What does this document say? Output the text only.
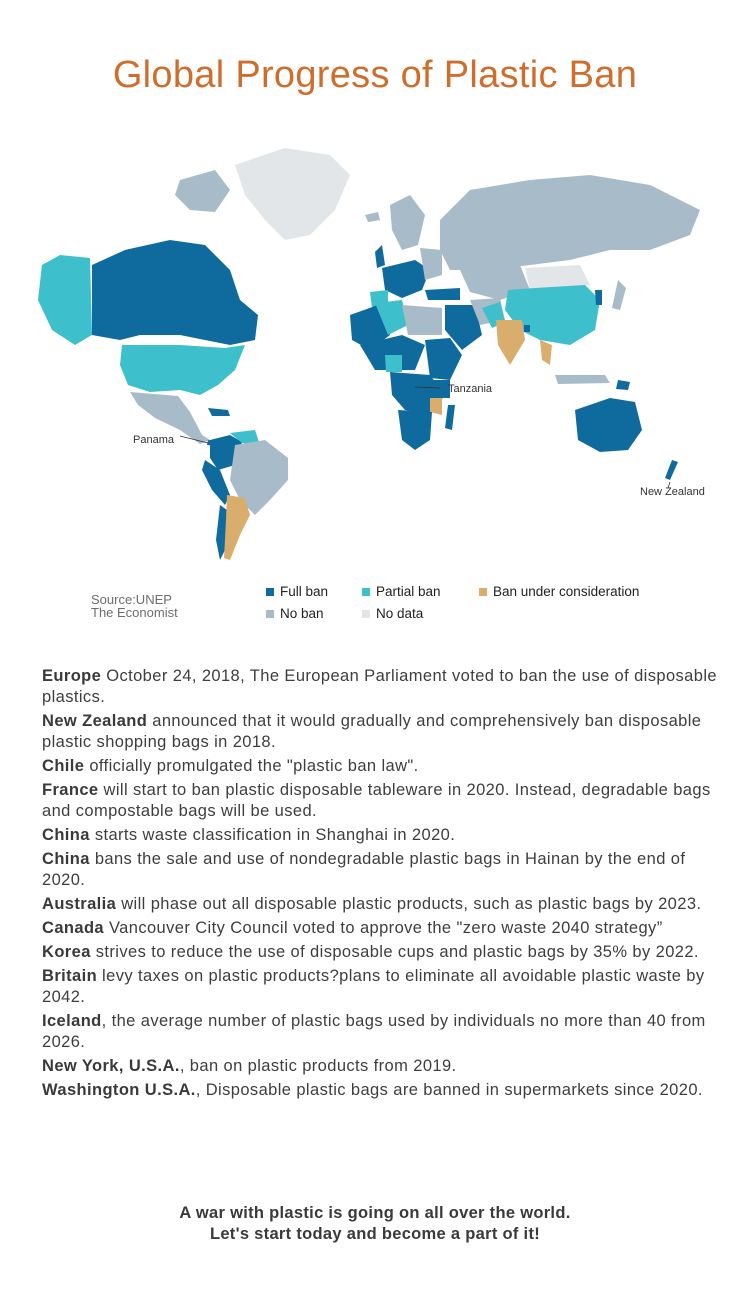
Global Progress of Plastic Ban
Tanzania
Panama
New Zealand
Source:UNEP
The Economist
Full ban	Partial ban	Ban under consideration
No ban	No data
Europe October 24, 2018, The European Parliament voted to ban the use of disposable plastics.
New Zealand announced that it would gradually and comprehensively ban disposable plastic shopping bags in 2018.
Chile officially promulgated the "plastic ban law".
France will start to ban plastic disposable tableware in 2020. Instead, degradable bags and compostable bags will be used.
China starts waste classification in Shanghai in 2020.
China bans the sale and use of nondegradable plastic bags in Hainan by the end of 2020.
Australia will phase out all disposable plastic products, such as plastic bags by 2023.
Canada Vancouver City Council voted to approve the "zero waste 2040 strategy”
Korea strives to reduce the use of disposable cups and plastic bags by 35% by 2022.
Britain levy taxes on plastic products?plans to eliminate all avoidable plastic waste by 2042.
Iceland, the average number of plastic bags used by individuals no more than 40 from 2026.
New York, U.S.A., ban on plastic products from 2019.
Washington U.S.A., Disposable plastic bags are banned in supermarkets since 2020.
A war with plastic is going on all over the world.
Let's start today and become a part of it!
